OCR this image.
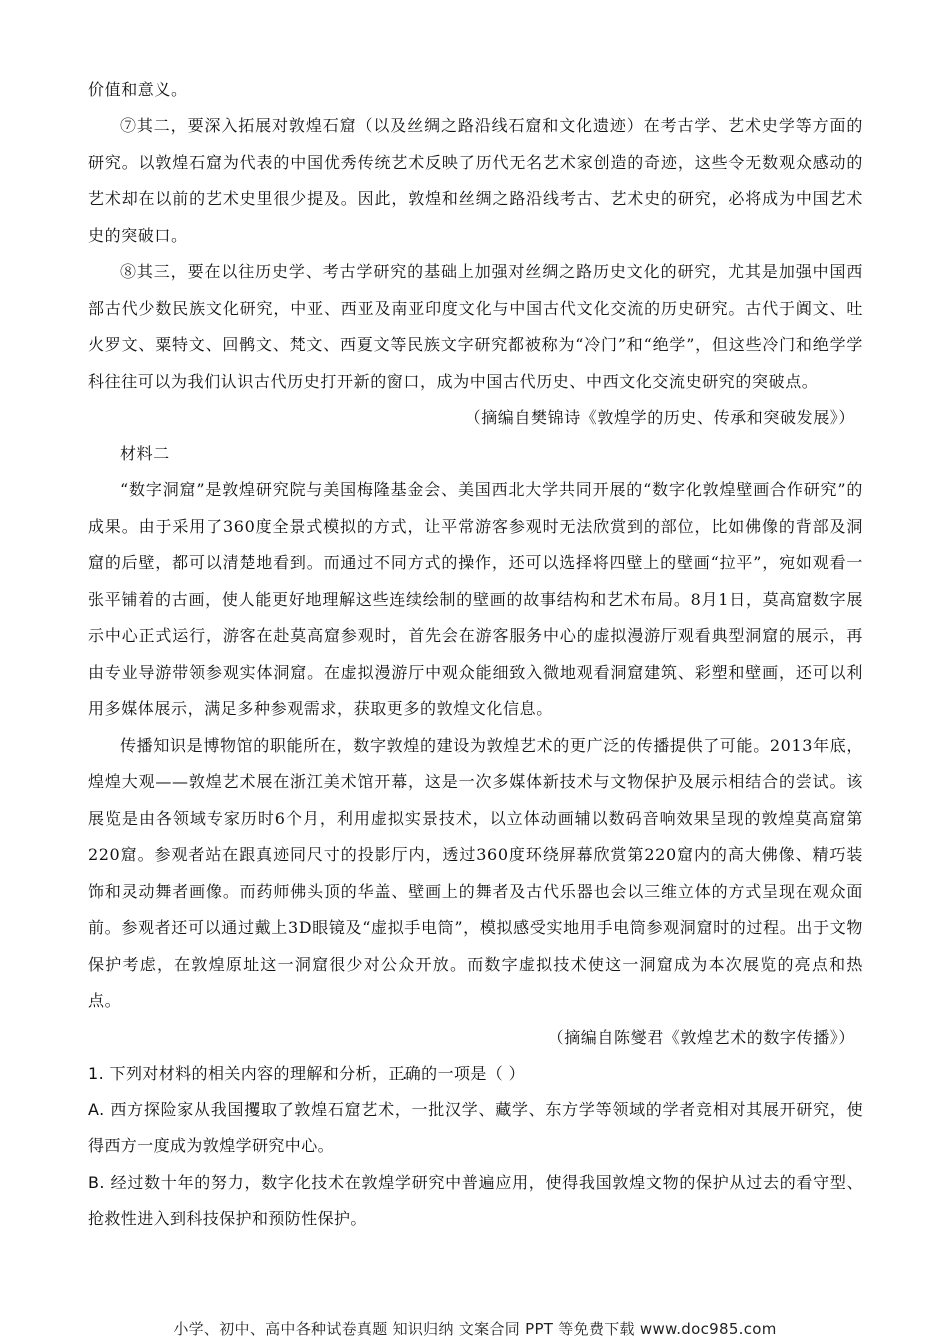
价值和意义。

⑦其二，要深入拓展对敦煌石窟（以及丝绸之路沿线石窟和文化遗迹）在考古学、艺术史学等方面的研究。以敦煌石窟为代表的中国优秀传统艺术反映了历代无名艺术家创造的奇迹，这些令无数观众感动的艺术却在以前的艺术史里很少提及。因此，敦煌和丝绸之路沿线考古、艺术史的研究，必将成为中国艺术史的突破口。

⑧其三，要在以往历史学、考古学研究的基础上加强对丝绸之路历史文化的研究，尤其是加强中国西部古代少数民族文化研究，中亚、西亚及南亚印度文化与中国古代文化交流的历史研究。古代于阗文、吐火罗文、粟特文、回鹘文、梵文、西夏文等民族文字研究都被称为“冷门”和“绝学”，但这些冷门和绝学学科往往可以为我们认识古代历史打开新的窗口，成为中国古代历史、中西文化交流史研究的突破点。

（摘编自樊锦诗《敦煌学的历史、传承和突破发展》）

材料二

“数字洞窟”是敦煌研究院与美国梅隆基金会、美国西北大学共同开展的“数字化敦煌壁画合作研究”的成果。由于采用了360度全景式模拟的方式，让平常游客参观时无法欣赏到的部位，比如佛像的背部及洞窟的后壁，都可以清楚地看到。而通过不同方式的操作，还可以选择将四壁上的壁画“拉平”，宛如观看一张平铺着的古画，使人能更好地理解这些连续绘制的壁画的故事结构和艺术布局。8月1日，莫高窟数字展示中心正式运行，游客在赴莫高窟参观时，首先会在游客服务中心的虚拟漫游厅观看典型洞窟的展示，再由专业导游带领参观实体洞窟。在虚拟漫游厅中观众能细致入微地观看洞窟建筑、彩塑和壁画，还可以利用多媒体展示，满足多种参观需求，获取更多的敦煌文化信息。

传播知识是博物馆的职能所在，数字敦煌的建设为敦煌艺术的更广泛的传播提供了可能。2013年底，煌煌大观——敦煌艺术展在浙江美术馆开幕，这是一次多媒体新技术与文物保护及展示相结合的尝试。该展览是由各领域专家历时6个月，利用虚拟实景技术，以立体动画辅以数码音响效果呈现的敦煌莫高窟第220窟。参观者站在跟真迹同尺寸的投影厅内，透过360度环绕屏幕欣赏第220窟内的高大佛像、精巧装饰和灵动舞者画像。而药师佛头顶的华盖、壁画上的舞者及古代乐器也会以三维立体的方式呈现在观众面前。参观者还可以通过戴上3D眼镜及“虚拟手电筒”，模拟感受实地用手电筒参观洞窟时的过程。出于文物保护考虑，在敦煌原址这一洞窟很少对公众开放。而数字虚拟技术使这一洞窟成为本次展览的亮点和热点。

（摘编自陈燮君《敦煌艺术的数字传播》）

1. 下列对材料的相关内容的理解和分析，正确 ·的一项是（ ）

A. 西方探险家从我国攫取了敦煌石窟艺术，一批汉学、藏学、东方学等领域的学者竞相对其展开研究，使得西方一度成为敦煌学研究中心。

B. 经过数十年的努力，数字化技术在敦煌学研究中普遍应用，使得我国敦煌文物的保护从过去的看守型、抢救性进入到科技保护和预防性保护。

小学、初中、高中各种试卷真题 知识归纳 文案合同 PPT 等免费下载 www.doc985.com
